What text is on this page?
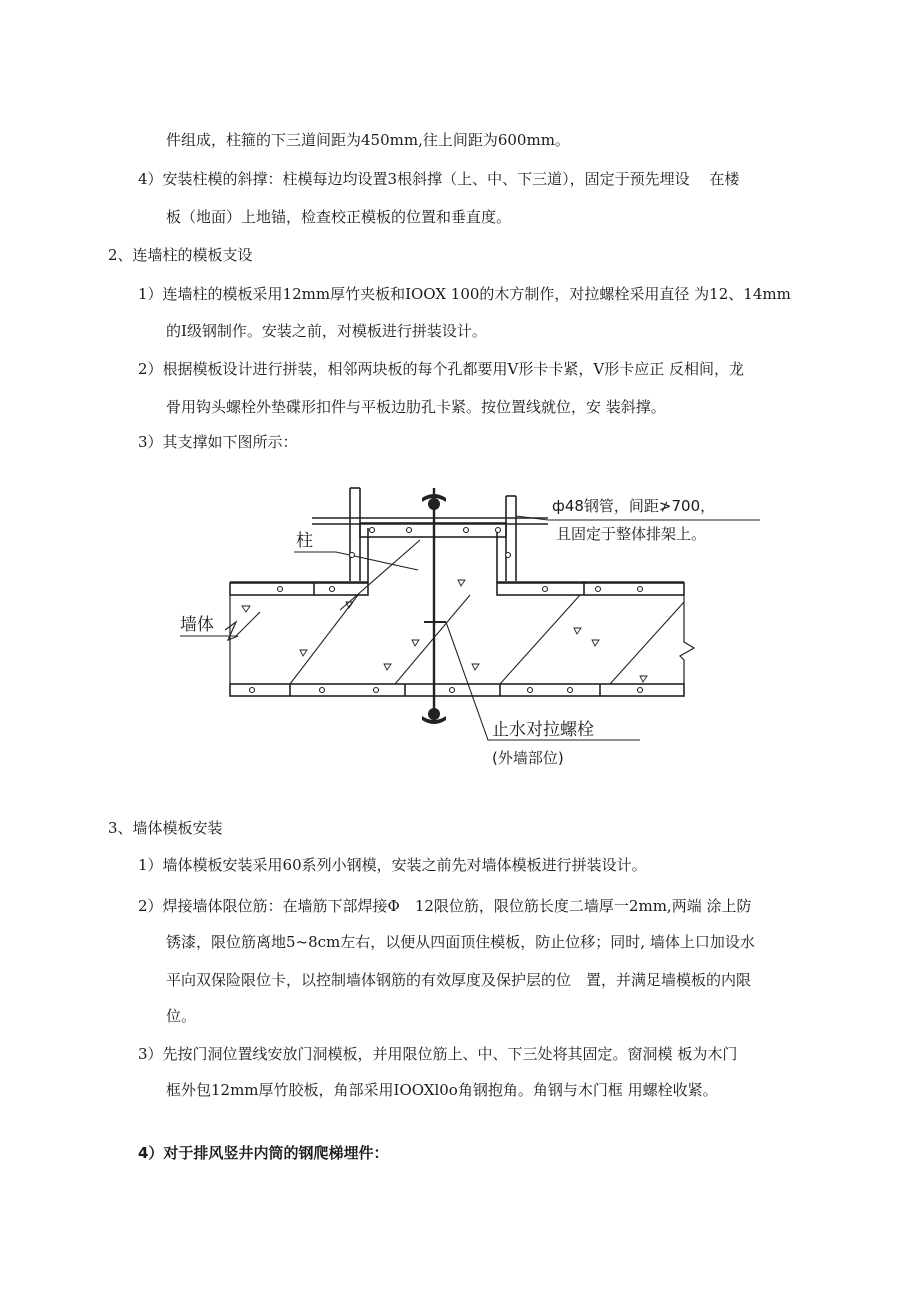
件组成，柱箍的下三道间距为450mm,往上间距为600mm。
4）安装柱模的斜撑：柱模每边均设置3根斜撑（上、中、下三道），固定于预先埋设　 在楼
板（地面）上地锚，检查校正模板的位置和垂直度。
2、连墙柱的模板支设
1）连墙柱的模板采用12mm厚竹夹板和IOOX 100的木方制作，对拉螺栓采用直径 为12、14mm
的I级钢制作。安装之前，对模板进行拼装设计。
2）根据模板设计进行拼装，相邻两块板的每个孔都要用V形卡卡紧，V形卡应正 反相间，龙
骨用钩头螺栓外垫碟形扣件与平板边肋孔卡紧。按位置线就位，安 装斜撑。
3）其支撑如下图所示：
柱
墙体
ф48钢管，间距≯700，
且固定于整体排架上。
止水对拉螺栓
(外墙部位)
3、墙体模板安装
1）墙体模板安装采用60系列小钢模，安装之前先对墙体模板进行拼装设计。
2）焊接墙体限位筋：在墙筋下部焊接Φ　12限位筋，限位筋长度二墙厚一2mm,两端 涂上防
锈漆，限位筋离地5~8cm左右，以便从四面顶住模板，防止位移；同时, 墙体上口加设水
平向双保险限位卡，以控制墙体钢筋的有效厚度及保护层的位　置，并满足墙模板的内限
位。
3）先按门洞位置线安放门洞模板，并用限位筋上、中、下三处将其固定。窗洞模 板为木门
框外包12mm厚竹胶板，角部采用IOOXl0o角钢抱角。角钢与木门框 用螺栓收紧。
4）对于排风竖井内筒的钢爬梯埋件：
